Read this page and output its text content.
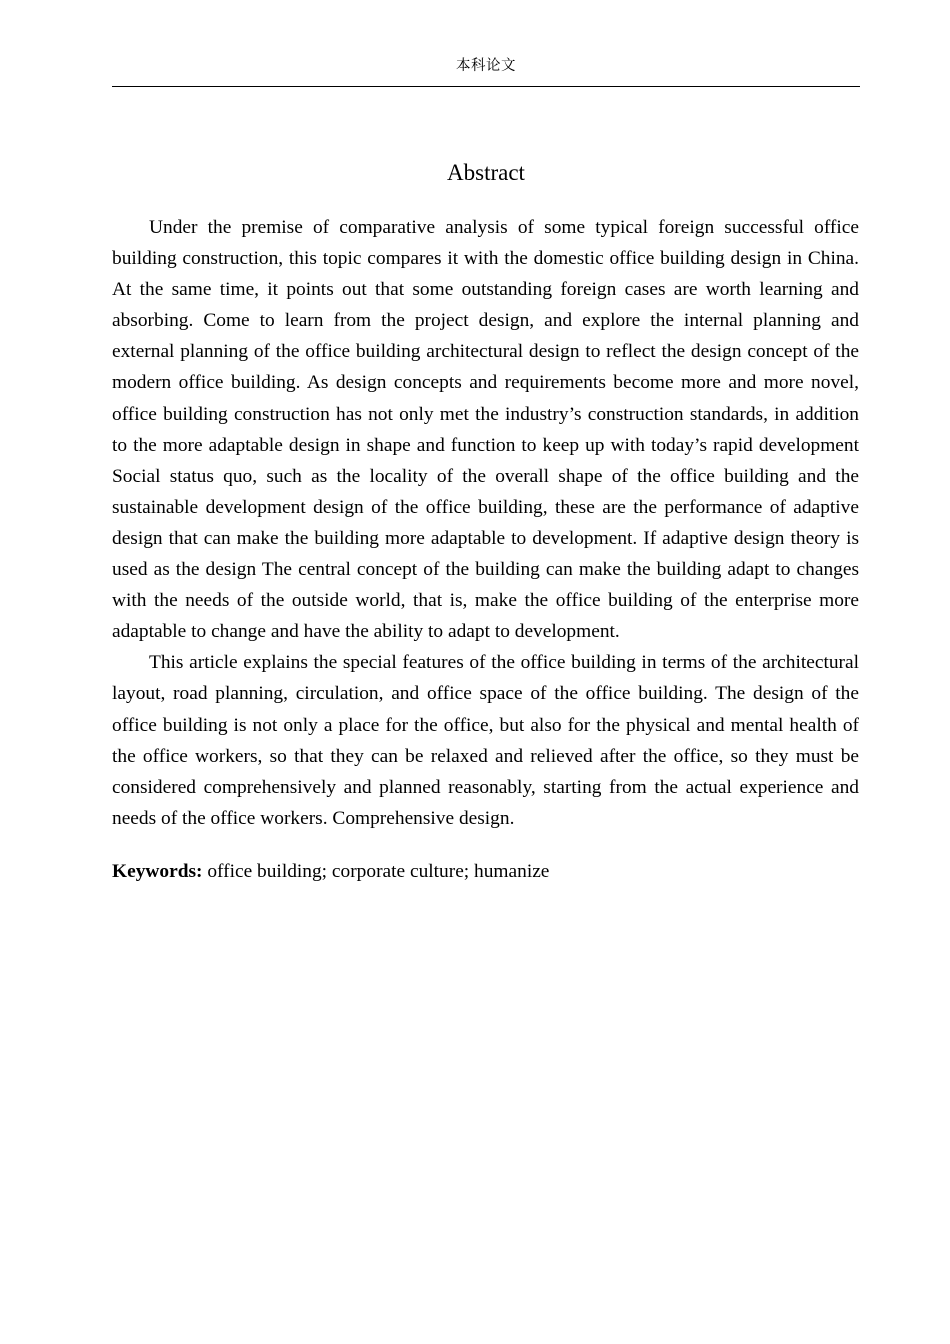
本科论文
Abstract

Under the premise of comparative analysis of some typical foreign successful office building construction, this topic compares it with the domestic office building design in China. At the same time, it points out that some outstanding foreign cases are worth learning and absorbing. Come to learn from the project design, and explore the internal planning and external planning of the office building architectural design to reflect the design concept of the modern office building. As design concepts and requirements become more and more novel, office building construction has not only met the industry’s construction standards, in addition to the more adaptable design in shape and function to keep up with today’s rapid development Social status quo, such as the locality of the overall shape of the office building and the sustainable development design of the office building, these are the performance of adaptive design that can make the building more adaptable to development. If adaptive design theory is used as the design The central concept of the building can make the building adapt to changes with the needs of the outside world, that is, make the office building of the enterprise more adaptable to change and have the ability to adapt to development.

This article explains the special features of the office building in terms of the architectural layout, road planning, circulation, and office space of the office building. The design of the office building is not only a place for the office, but also for the physical and mental health of the office workers, so that they can be relaxed and relieved after the office, so they must be considered comprehensively and planned reasonably, starting from the actual experience and needs of the office workers. Comprehensive design.

Keywords: office building; corporate culture; humanize
